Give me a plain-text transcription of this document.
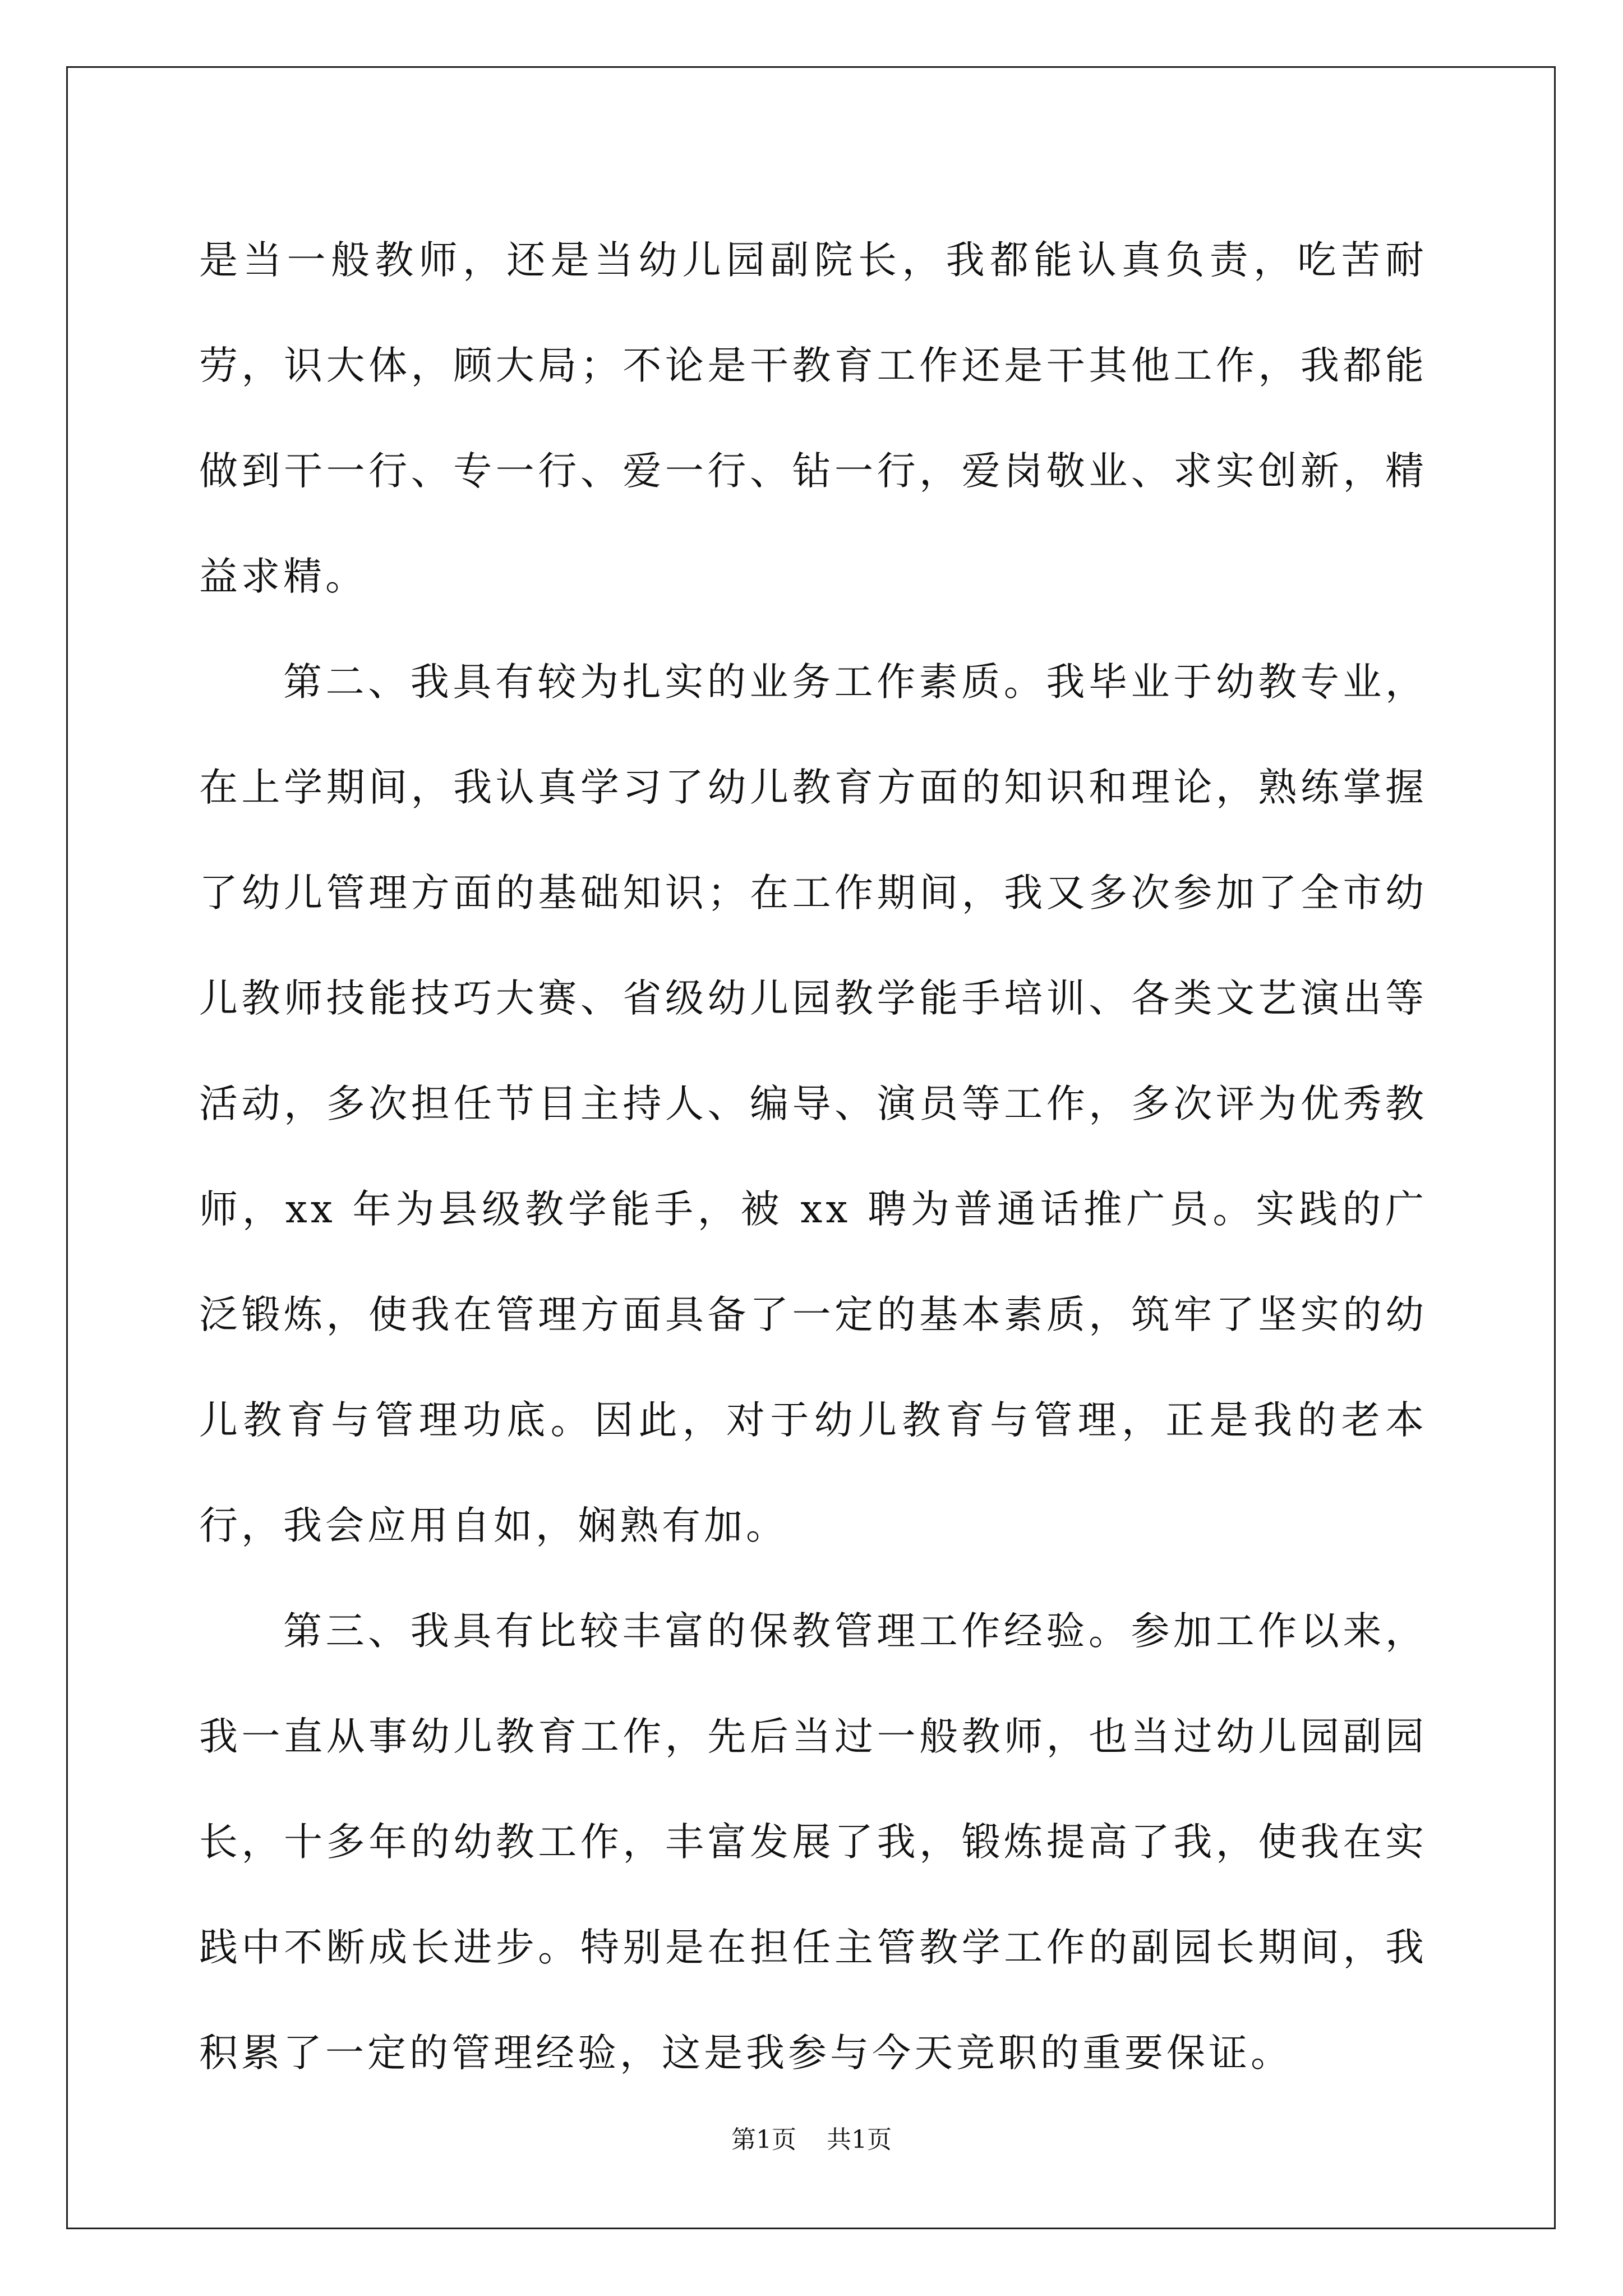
是当一般教师，还是当幼儿园副院长，我都能认真负责，吃苦耐劳，识大体，顾大局；不论是干教育工作还是干其他工作，我都能做到干一行、专一行、爱一行、钻一行，爱岗敬业、求实创新，精益求精。

第二、我具有较为扎实的业务工作素质。我毕业于幼教专业，在上学期间，我认真学习了幼儿教育方面的知识和理论，熟练掌握了幼儿管理方面的基础知识；在工作期间，我又多次参加了全市幼儿教师技能技巧大赛、省级幼儿园教学能手培训、各类文艺演出等活动，多次担任节目主持人、编导、演员等工作，多次评为优秀教师，xx 年为县级教学能手，被 xx 聘为普通话推广员。实践的广泛锻炼，使我在管理方面具备了一定的基本素质，筑牢了坚实的幼儿教育与管理功底。因此，对于幼儿教育与管理，正是我的老本行，我会应用自如，娴熟有加。

第三、我具有比较丰富的保教管理工作经验。参加工作以来，我一直从事幼儿教育工作，先后当过一般教师，也当过幼儿园副园长，十多年的幼教工作，丰富发展了我，锻炼提高了我，使我在实践中不断成长进步。特别是在担任主管教学工作的副园长期间，我积累了一定的管理经验，这是我参与今天竞职的重要保证。

第1页 共1页
